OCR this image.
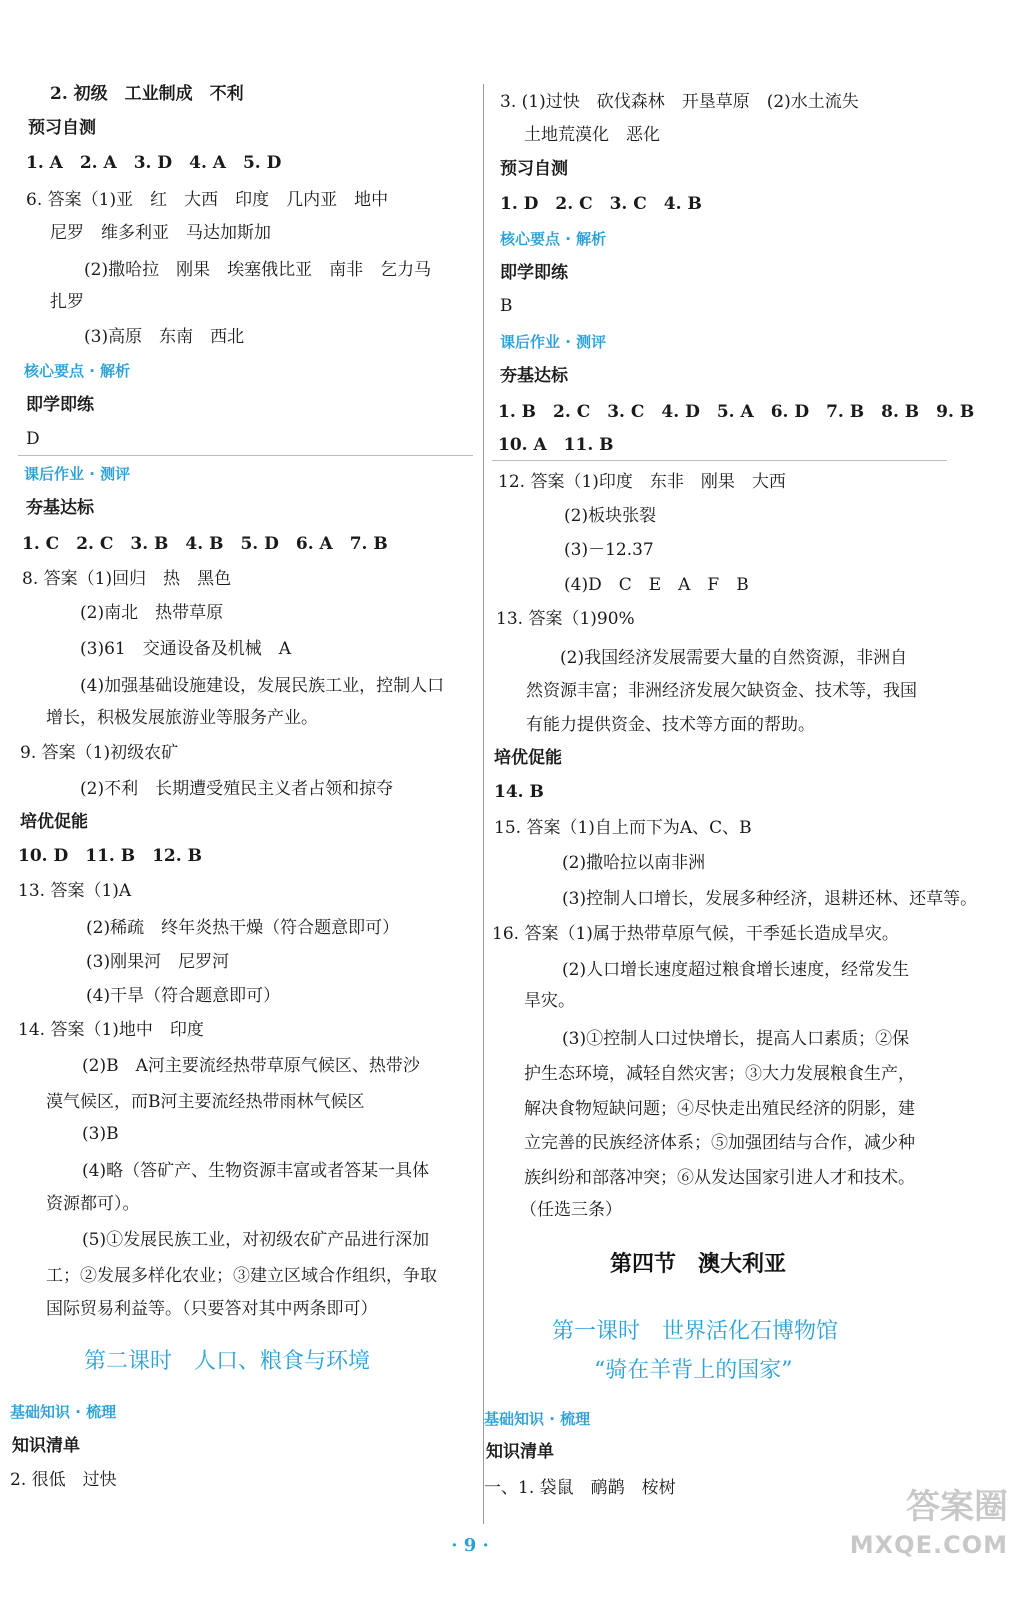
2. 初级　工业制成　不利
预习自测
1. A　2. A　3. D　4. A　5. D
6. 答案（1)亚　红　大西　印度　几内亚　地中
尼罗　维多利亚　马达加斯加
(2)撒哈拉　刚果　埃塞俄比亚　南非　乞力马
扎罗
(3)高原　东南　西北
核心要点 · 解析
即学即练
D
课后作业 · 测评
夯基达标
1. C　2. C　3. B　4. B　5. D　6. A　7. B
8. 答案（1)回归　热　黑色
(2)南北　热带草原
(3)61　交通设备及机械　A
(4)加强基础设施建设，发展民族工业，控制人口
增长，积极发展旅游业等服务产业。
9. 答案（1)初级农矿
(2)不利　长期遭受殖民主义者占领和掠夺
培优促能
10. D　11. B　12. B
13. 答案（1)A
(2)稀疏　终年炎热干燥（符合题意即可）
(3)刚果河　尼罗河
(4)干旱（符合题意即可）
14. 答案（1)地中　印度
(2)B　A河主要流经热带草原气候区、热带沙
漠气候区，而B河主要流经热带雨林气候区
(3)B
(4)略（答矿产、生物资源丰富或者答某一具体
资源都可）。
(5)①发展民族工业，对初级农矿产品进行深加
工；②发展多样化农业；③建立区域合作组织，争取
国际贸易利益等。（只要答对其中两条即可）
第二课时　人口、粮食与环境
基础知识 · 梳理
知识清单
2. 很低　过快
3. (1)过快　砍伐森林　开垦草原　(2)水土流失
土地荒漠化　恶化
预习自测
1. D　2. C　3. C　4. B
核心要点 · 解析
即学即练
B
课后作业 · 测评
夯基达标
1. B　2. C　3. C　4. D　5. A　6. D　7. B　8. B　9. B
10. A　11. B
12. 答案（1)印度　东非　刚果　大西
(2)板块张裂
(3)－12.37
(4)D　C　E　A　F　B
13. 答案（1)90%
(2)我国经济发展需要大量的自然资源，非洲自
然资源丰富；非洲经济发展欠缺资金、技术等，我国
有能力提供资金、技术等方面的帮助。
培优促能
14. B
15. 答案（1)自上而下为A、C、B
(2)撒哈拉以南非洲
(3)控制人口增长，发展多种经济，退耕还林、还草等。
16. 答案（1)属于热带草原气候，干季延长造成旱灾。
(2)人口增长速度超过粮食增长速度，经常发生
旱灾。
(3)①控制人口过快增长，提高人口素质；②保
护生态环境，减轻自然灾害；③大力发展粮食生产，
解决食物短缺问题；④尽快走出殖民经济的阴影，建
立完善的民族经济体系；⑤加强团结与合作，减少种
族纠纷和部落冲突；⑥从发达国家引进人才和技术。
（任选三条）
第四节　澳大利亚
第一课时　世界活化石博物馆
“骑在羊背上的国家”
基础知识 · 梳理
知识清单
一、1. 袋鼠　鸸鹋　桉树
· 9 ·
答案圈
MXQE.COM
